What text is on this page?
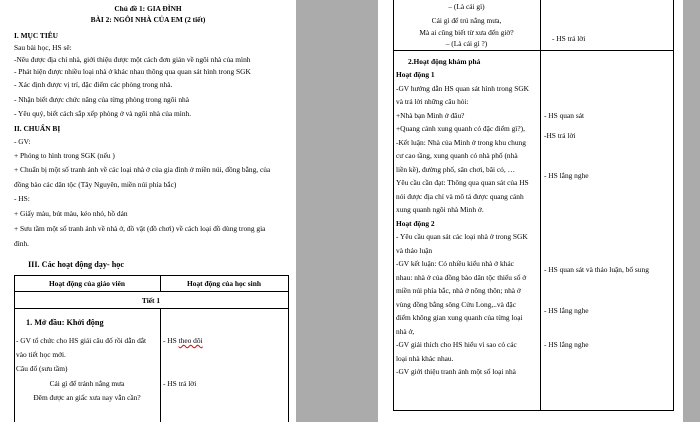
Chủ đề 1: GIA ĐÌNH
BÀI 2: NGÔI NHÀ CỦA EM (2 tiết)
I. MỤC TIÊU
Sau bài học, HS sẽ:
-Nêu được địa chỉ nhà, giới thiệu được một cách đơn giản về ngôi nhà của mình
- Phát hiện được nhiều loại nhà ở khác nhau thông qua quan sát hình trong SGK
- Xác định được vị trí, đặc điểm các phòng trong nhà.
- Nhận biết được chức năng của từng phòng trong ngôi nhà
- Yêu quý, biết cách sắp xếp phòng ở và ngôi nhà của mình.
II. CHUẨN BỊ
- GV:
+ Phóng to hình trong SGK (nếu )
+ Chuẩn bị một số tranh ảnh về các loại nhà ở của gia đình ở miền núi, đồng bằng, của
đồng bào các dân tộc (Tây Nguyên, miền núi phía bắc)
- HS:
+ Giấy màu, bút màu, kéo nhỏ, hồ dán
+ Sưu tầm một số tranh ảnh về nhà ở, đồ vật (đồ chơi) về cách loại đồ dùng trong gia
đình.
III. Các hoạt động dạy- học
Hoạt động của giáo viên	Hoạt động của học sinh
Tiết 1
1. Mở đầu: Khởi động
- GV tổ chức cho HS giải câu đố rồi dẫn dắt
vào tiết học mới.
Câu đố (sưu tầm)
Cái gì để tránh nắng mưa
Đêm được an giấc xưa nay vẫn cần?
- HS theo dõi
- HS trả lời
– (Là cái gì)
Cái gì để trú nắng mưa,
Mà ai cũng biết từ xưa đến giờ?
– (Là cái gì ?)
2.Hoạt động khám phá
Hoạt động 1
-GV hướng dẫn HS quan sát hình trong SGK
và trả lời những câu hỏi:
+Nhà bạn Minh ở đâu?
+Quang cảnh xung quanh có đặc điểm gì?),
-Kết luận: Nhà của Minh ở trong khu chung
cư cao tầng, xung quanh có nhà phố (nhà
liền kề), đường phố, sân chơi, bãi cỏ, …
Yêu cầu cần đạt: Thông qua quan sát của HS
nói được địa chỉ và mô tả được quang cảnh
xung quanh ngôi nhà Minh ở.
Hoạt động 2
- Yêu cầu quan sát các loại nhà ở trong SGK
và thảo luận
-GV kết luận: Có nhiều kiểu nhà ở khác
nhau: nhà ở của đồng bào dân tộc thiểu số ở
miền núi phía bắc, nhà ở nông thôn; nhà ở
vùng đồng bằng sông Cửu Long,..và đặc
điểm không gian xung quanh của từng loại
nhà ở,
-GV giải thích cho HS hiểu vì sao có các
loại nhà khác nhau.
-GV giới thiệu tranh ảnh một số loại nhà
- HS trả lời
- HS quan sát
-HS trả lời
- HS lắng nghe
- HS quan sát và thảo luận, bổ sung
- HS lắng nghe
- HS lắng nghe
